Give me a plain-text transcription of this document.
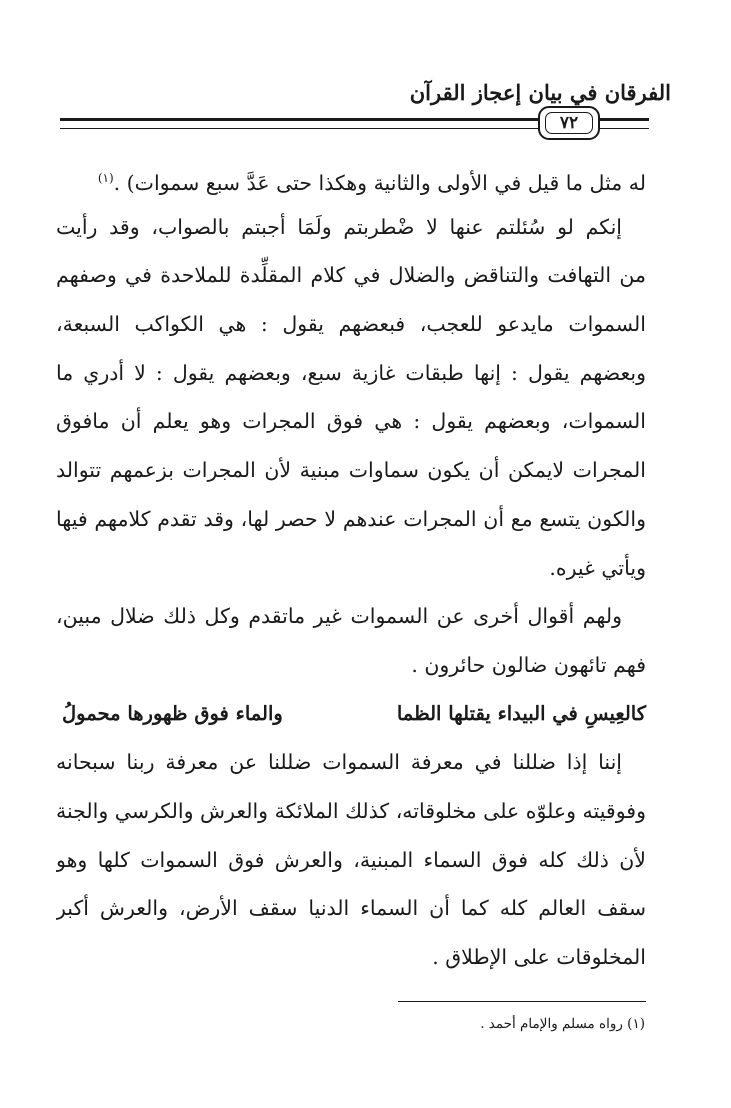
الفرقان في بيان إعجاز القرآن
٧٢
له مثل ما قيل في الأولى والثانية وهكذا حتى عَدَّ سبع سموات) .$^{(١)}$
إنكم لو سُئلتم عنها لا ضْطربتم ولَمَا أجبتم بالصواب، وقد رأيت
من التهافت والتناقض والضلال في كلام المقلِّدة للملاحدة في وصفهم
السموات مايدعو للعجب، فبعضهم يقول : هي الكواكب السبعة،
وبعضهم يقول : إنها طبقات غازية سبع، وبعضهم يقول : لا أدري ما
السموات، وبعضهم يقول : هي فوق المجرات وهو يعلم أن مافوق
المجرات لايمكن أن يكون سماوات مبنية لأن المجرات بزعمهم تتوالد
والكون يتسع مع أن المجرات عندهم لا حصر لها، وقد تقدم كلامهم فيها
ويأتي غيره.
ولهم أقوال أخرى عن السموات غير ماتقدم وكل ذلك ضلال مبين،
فهم تائهون ضالون حائرون .
كالعِيسِ في البيداء يقتلها الظما
والماء فوق ظهورها محمولُ
إننا إذا ضللنا في معرفة السموات ضللنا عن معرفة ربنا سبحانه
وفوقيته وعلوّه على مخلوقاته، كذلك الملائكة والعرش والكرسي والجنة
لأن ذلك كله فوق السماء المبنية، والعرش فوق السموات كلها وهو
سقف العالم كله كما أن السماء الدنيا سقف الأرض، والعرش أكبر
المخلوقات على الإطلاق .
(١) رواه مسلم والإمام أحمد .
